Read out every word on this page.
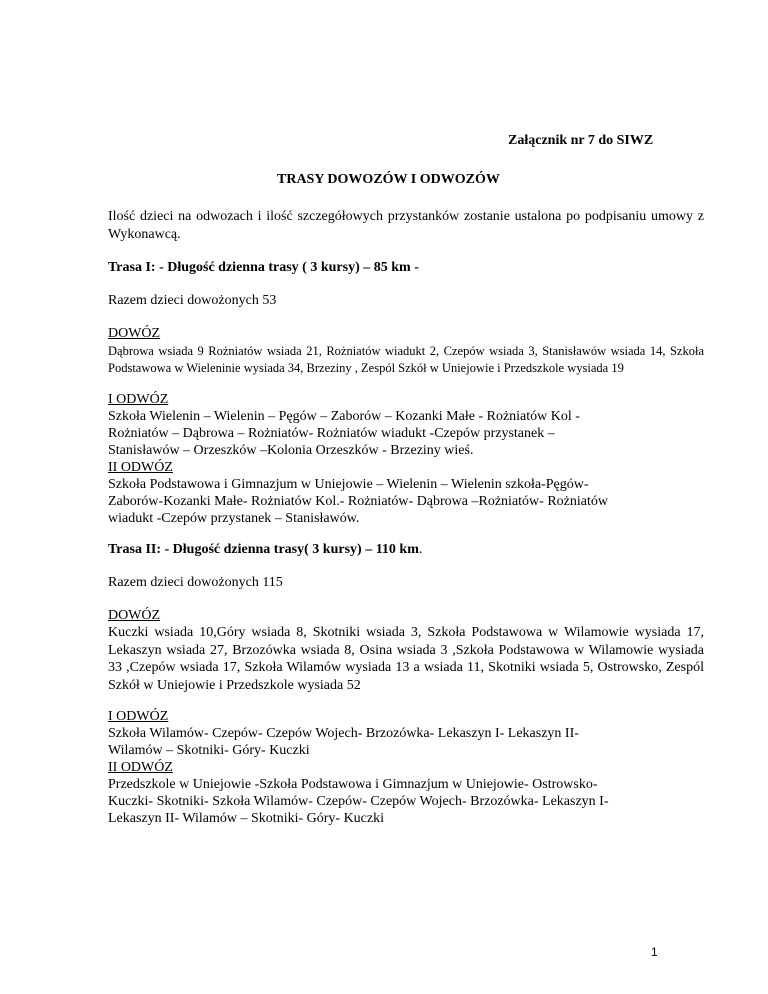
Załącznik nr 7 do SIWZ
TRASY DOWOZÓW I ODWOZÓW
Ilość dzieci na odwozach i ilość szczegółowych przystanków zostanie ustalona po podpisaniu umowy z Wykonawcą.
Trasa I: - Długość dzienna trasy ( 3 kursy) – 85 km -
Razem dzieci dowożonych 53
DOWÓZ
Dąbrowa wsiada 9 Rożniatów wsiada 21, Rożniatów wiadukt 2, Czepów wsiada 3, Stanisławów wsiada 14, Szkoła Podstawowa w Wieleninie wysiada 34, Brzeziny , Zespól Szkół w Uniejowie i Przedszkole wysiada 19
I ODWÓZ
Szkoła Wielenin – Wielenin – Pęgów – Zaborów – Kozanki Małe - Rożniatów Kol -
Rożniatów – Dąbrowa – Rożniatów- Rożniatów wiadukt -Czepów przystanek –
Stanisławów – Orzeszków –Kolonia Orzeszków - Brzeziny wieś.
II ODWÓZ
Szkoła Podstawowa i Gimnazjum w Uniejowie – Wielenin – Wielenin szkoła-Pęgów-
Zaborów-Kozanki Małe- Rożniatów Kol.- Rożniatów- Dąbrowa –Rożniatów- Rożniatów
wiadukt -Czepów przystanek – Stanisławów.
Trasa II: - Długość dzienna trasy( 3 kursy) – 110 km.
Razem dzieci dowożonych 115
DOWÓZ
Kuczki wsiada 10,Góry wsiada 8, Skotniki wsiada 3, Szkoła Podstawowa w Wilamowie wysiada 17, Lekaszyn wsiada 27, Brzozówka wsiada 8, Osina wsiada 3 ,Szkoła Podstawowa w Wilamowie wysiada 33 ,Czepów wsiada 17, Szkoła Wilamów wysiada 13 a wsiada 11, Skotniki wsiada 5, Ostrowsko, Zespól Szkół w Uniejowie i Przedszkole wysiada 52
I ODWÓZ
Szkoła Wilamów- Czepów- Czepów Wojech- Brzozówka- Lekaszyn I- Lekaszyn II-
Wilamów – Skotniki- Góry- Kuczki
II ODWÓZ
Przedszkole w Uniejowie -Szkoła Podstawowa i Gimnazjum w Uniejowie- Ostrowsko-
Kuczki- Skotniki- Szkoła Wilamów- Czepów- Czepów Wojech- Brzozówka- Lekaszyn I-
Lekaszyn II- Wilamów – Skotniki- Góry- Kuczki
1
